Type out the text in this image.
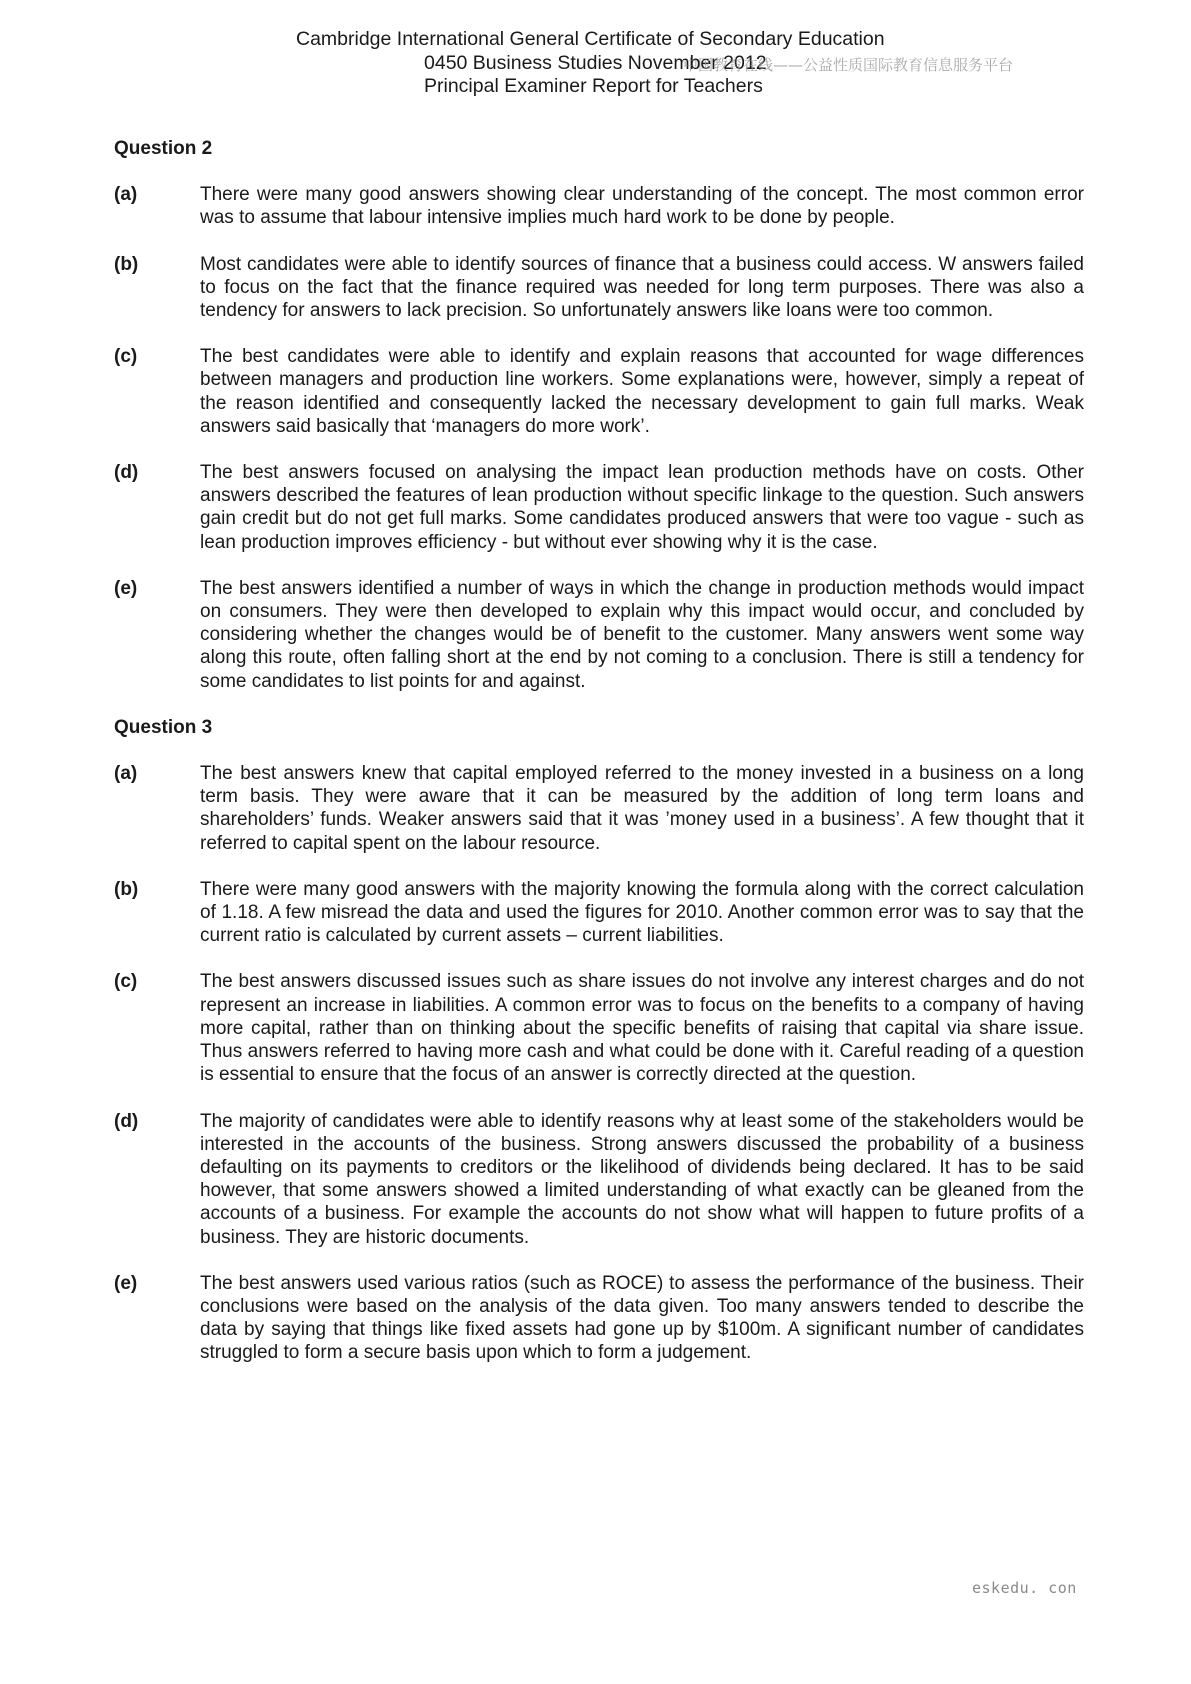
Cambridge International General Certificate of Secondary Education
0450 Business Studies November 2012
中国教育在线——公益性质国际教育信息服务平台
Principal Examiner Report for Teachers
Question 2
(a)	There were many good answers showing clear understanding of the concept. The most common error was to assume that labour intensive implies much hard work to be done by people.
(b)	Most candidates were able to identify sources of finance that a business could access. W answers failed to focus on the fact that the finance required was needed for long term purposes. There was also a tendency for answers to lack precision. So unfortunately answers like loans were too common.
(c)	The best candidates were able to identify and explain reasons that accounted for wage differences between managers and production line workers. Some explanations were, however, simply a repeat of the reason identified and consequently lacked the necessary development to gain full marks. Weak answers said basically that ‘managers do more work’.
(d)	The best answers focused on analysing the impact lean production methods have on costs. Other answers described the features of lean production without specific linkage to the question. Such answers gain credit but do not get full marks. Some candidates produced answers that were too vague - such as lean production improves efficiency - but without ever showing why it is the case.
(e)	The best answers identified a number of ways in which the change in production methods would impact on consumers. They were then developed to explain why this impact would occur, and concluded by considering whether the changes would be of benefit to the customer. Many answers went some way along this route, often falling short at the end by not coming to a conclusion. There is still a tendency for some candidates to list points for and against.
Question 3
(a)	The best answers knew that capital employed referred to the money invested in a business on a long term basis. They were aware that it can be measured by the addition of long term loans and shareholders’ funds. Weaker answers said that it was ’money used in a business’. A few thought that it referred to capital spent on the labour resource.
(b)	There were many good answers with the majority knowing the formula along with the correct calculation of 1.18. A few misread the data and used the figures for 2010. Another common error was to say that the current ratio is calculated by current assets – current liabilities.
(c)	The best answers discussed issues such as share issues do not involve any interest charges and do not represent an increase in liabilities. A common error was to focus on the benefits to a company of having more capital, rather than on thinking about the specific benefits of raising that capital via share issue. Thus answers referred to having more cash and what could be done with it. Careful reading of a question is essential to ensure that the focus of an answer is correctly directed at the question.
(d)	The majority of candidates were able to identify reasons why at least some of the stakeholders would be interested in the accounts of the business. Strong answers discussed the probability of a business defaulting on its payments to creditors or the likelihood of dividends being declared. It has to be said however, that some answers showed a limited understanding of what exactly can be gleaned from the accounts of a business. For example the accounts do not show what will happen to future profits of a business. They are historic documents.
(e)	The best answers used various ratios (such as ROCE) to assess the performance of the business. Their conclusions were based on the analysis of the data given. Too many answers tended to describe the data by saying that things like fixed assets had gone up by $100m. A significant number of candidates struggled to form a secure basis upon which to form a judgement.
eskedu. con
